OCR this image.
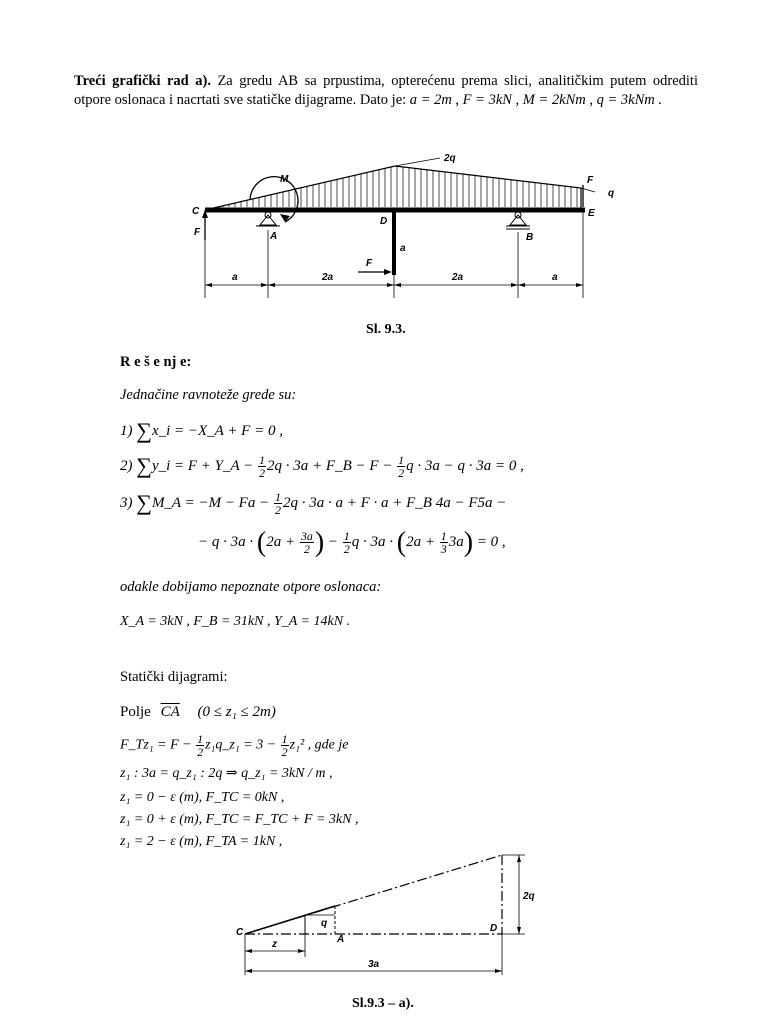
Treći grafički rad a). Za gredu AB sa prpustima, opterećenu prema slici, analitičkim putem odrediti otpore oslonaca i nacrtati sve statičke dijagrame. Dato je: a = 2m , F = 3kN , M = 2kNm , q = 3kNm .
C
F	A
M
D
a
F
2q
F
q
E
B
a	2a	2a	a
Sl. 9.3.
R e š e nj e:
Jednačine ravnoteže grede su:
1) ∑x_i = −X_A + F = 0 ,
2) ∑y_i = F + Y_A − $\frac{1}{2} 2q \cdot 3a$ + F_B − $F - \frac{1}{2}$ q · 3a − q · 3a = 0 ,
3) ∑M_A = $-M - Fa - \frac{1}{2} 2q \cdot 3a \cdot a + F \cdot a$ + F_B 4a − F5a −
− $q \cdot 3a \cdot (2a + \frac{3a}{2}$ ) − $\frac{1}{2}$ $q \cdot 3a \cdot (2a + \frac{1}{3} 3a) = 0$ ,
odakle dobijamo nepoznate otpore oslonaca:
X_A = 3kN , F_B = 31kN , Y_A = 14kN .
Statički dijagrami:
Polje $\overline{CA}$ (0 ≤ z₁ ≤ 2m)
F_Tz₁ = $F - \frac{1}{2}$ z₁q_z₁ = $3 - \frac{1}{2} z_1^2$ , gde je
z₁ : 3a = q_z₁ : 2q ⇒ q_z₁ = 3kN / m ,
z₁ = 0 − ε (m), F_TC = 0kN ,
z₁ = 0 + ε (m), F_TC = F_TC + F = 3kN ,
z₁ = 2 − ε (m), F_TA = 1kN ,
C
A
D
q
2q
z
3a
Sl.9.3 – a).
